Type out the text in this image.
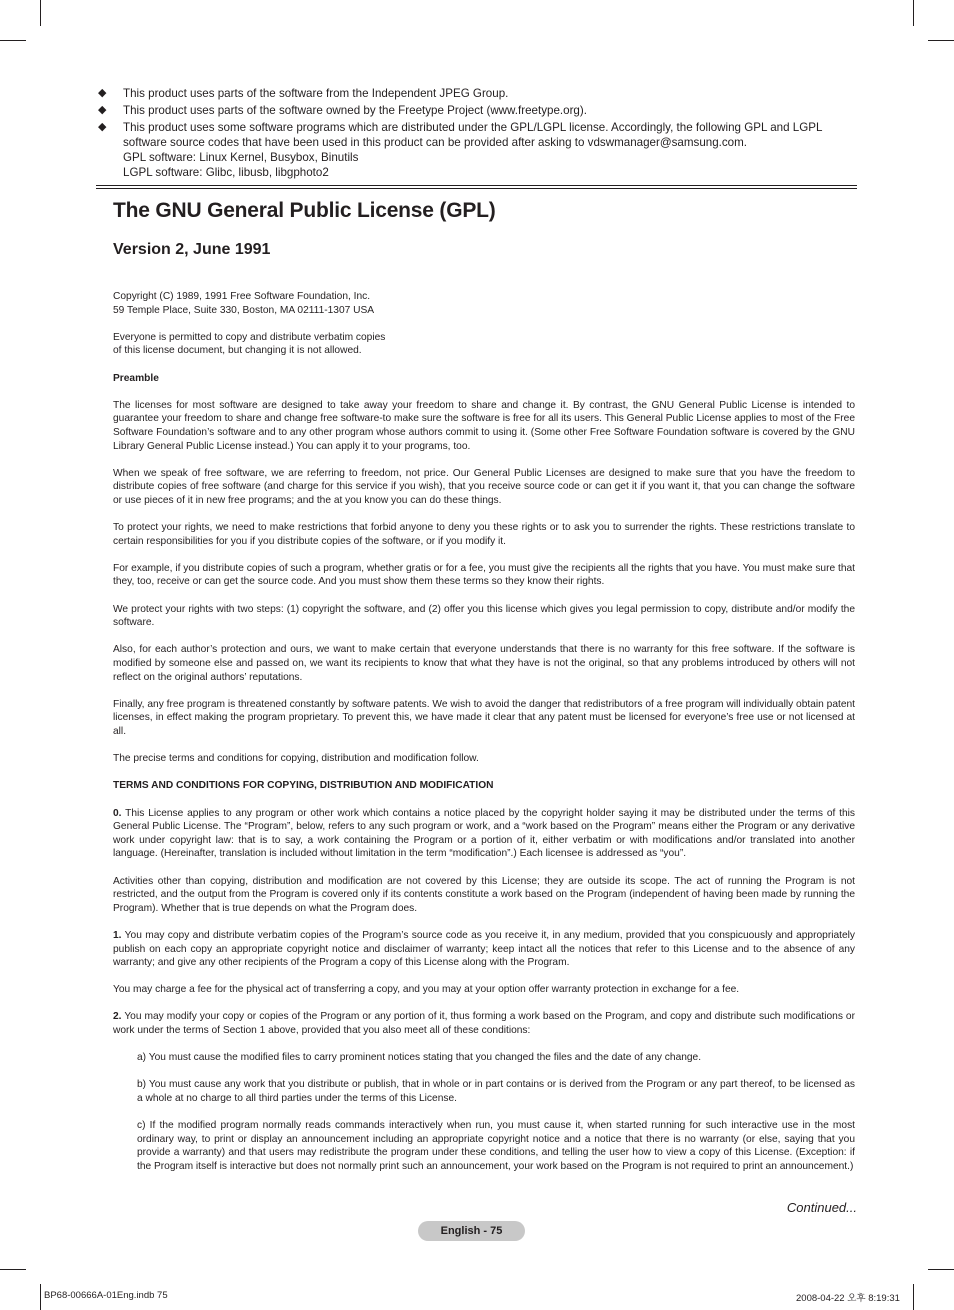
◆ This product uses parts of the software from the Independent JPEG Group.

◆ This product uses parts of the software owned by the Freetype Project (www.freetype.org).

◆ This product uses some software programs which are distributed under the GPL/LGPL license. Accordingly, the following GPL and LGPL software source codes that have been used in this product can be provided after asking to vdswmanager@samsung.com.

GPL software: Linux Kernel, Busybox, Binutils

LGPL software: Glibc, libusb, libgphoto2

The GNU General Public License (GPL)
Version 2, June 1991

Copyright (C) 1989, 1991 Free Software Foundation, Inc.
59 Temple Place, Suite 330, Boston, MA 02111-1307 USA

Everyone is permitted to copy and distribute verbatim copies
of this license document, but changing it is not allowed.

Preamble

The licenses for most software are designed to take away your freedom to share and change it. By contrast, the GNU General Public License is intended to guarantee your freedom to share and change free software-to make sure the software is free for all its users. This General Public License applies to most of the Free Software Foundation’s software and to any other program whose authors commit to using it. (Some other Free Software Foundation software is covered by the GNU Library General Public License instead.) You can apply it to your programs, too.

When we speak of free software, we are referring to freedom, not price. Our General Public Licenses are designed to make sure that you have the freedom to distribute copies of free software (and charge for this service if you wish), that you receive source code or can get it if you want it, that you can change the software or use pieces of it in new free programs; and the at you know you can do these things.

To protect your rights, we need to make restrictions that forbid anyone to deny you these rights or to ask you to surrender the rights. These restrictions translate to certain responsibilities for you if you distribute copies of the software, or if you modify it.

For example, if you distribute copies of such a program, whether gratis or for a fee, you must give the recipients all the rights that you have. You must make sure that they, too, receive or can get the source code. And you must show them these terms so they know their rights.

We protect your rights with two steps: (1) copyright the software, and (2) offer you this license which gives you legal permission to copy, distribute and/or modify the software.

Also, for each author’s protection and ours, we want to make certain that everyone understands that there is no warranty for this free software. If the software is modified by someone else and passed on, we want its recipients to know that what they have is not the original, so that any problems introduced by others will not reflect on the original authors’ reputations.

Finally, any free program is threatened constantly by software patents. We wish to avoid the danger that redistributors of a free program will individually obtain patent licenses, in effect making the program proprietary. To prevent this, we have made it clear that any patent must be licensed for everyone’s free use or not licensed at all.

The precise terms and conditions for copying, distribution and modification follow.

TERMS AND CONDITIONS FOR COPYING, DISTRIBUTION AND MODIFICATION

0. This License applies to any program or other work which contains a notice placed by the copyright holder saying it may be distributed under the terms of this General Public License. The “Program”, below, refers to any such program or work, and a “work based on the Program” means either the Program or any derivative work under copyright law: that is to say, a work containing the Program or a portion of it, either verbatim or with modifications and/or translated into another language. (Hereinafter, translation is included without limitation in the term “modification”.) Each licensee is addressed as “you”.

Activities other than copying, distribution and modification are not covered by this License; they are outside its scope. The act of running the Program is not restricted, and the output from the Program is covered only if its contents constitute a work based on the Program (independent of having been made by running the Program). Whether that is true depends on what the Program does.

1. You may copy and distribute verbatim copies of the Program’s source code as you receive it, in any medium, provided that you conspicuously and appropriately publish on each copy an appropriate copyright notice and disclaimer of warranty; keep intact all the notices that refer to this License and to the absence of any warranty; and give any other recipients of the Program a copy of this License along with the Program.

You may charge a fee for the physical act of transferring a copy, and you may at your option offer warranty protection in exchange for a fee.

2. You may modify your copy or copies of the Program or any portion of it, thus forming a work based on the Program, and copy and distribute such modifications or work under the terms of Section 1 above, provided that you also meet all of these conditions:

a) You must cause the modified files to carry prominent notices stating that you changed the files and the date of any change.

b) You must cause any work that you distribute or publish, that in whole or in part contains or is derived from the Program or any part thereof, to be licensed as a whole at no charge to all third parties under the terms of this License.

c) If the modified program normally reads commands interactively when run, you must cause it, when started running for such interactive use in the most ordinary way, to print or display an announcement including an appropriate copyright notice and a notice that there is no warranty (or else, saying that you provide a warranty) and that users may redistribute the program under these conditions, and telling the user how to view a copy of this License. (Exception: if the Program itself is interactive but does not normally print such an announcement, your work based on the Program is not required to print an announcement.)

Continued...
English - 75
BP68-00666A-01Eng.indb 75	2008-04-22 오후 8:19:31
